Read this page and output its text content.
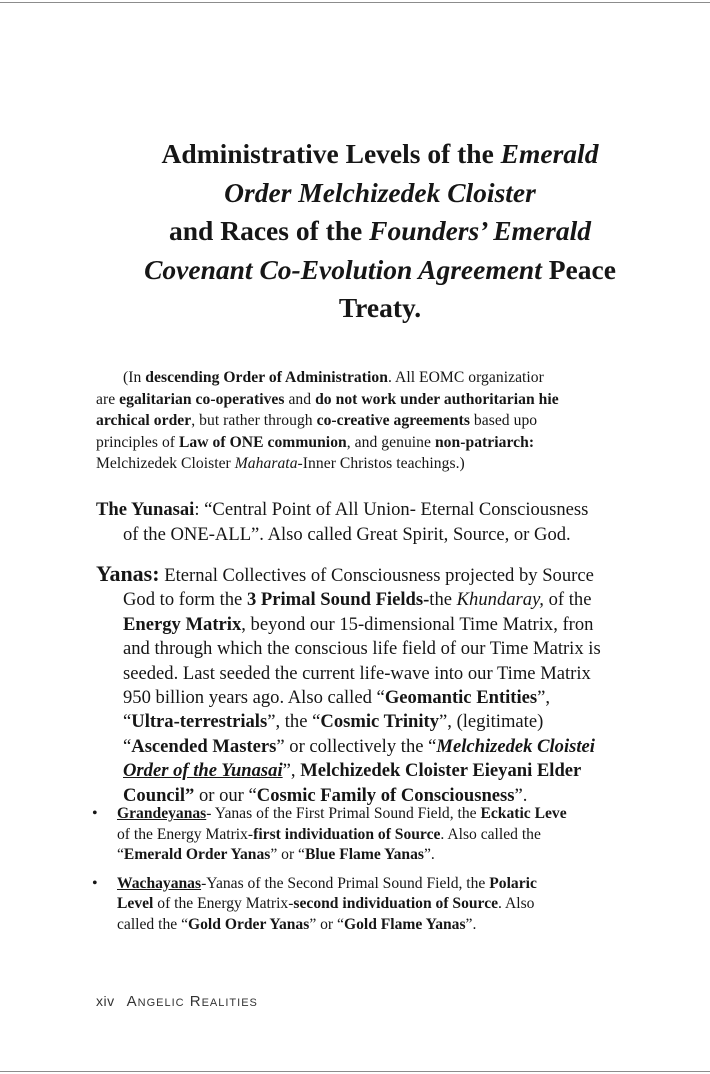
Administrative Levels of the Emerald
Order Melchizedek Cloister
and Races of the Founders’ Emerald
Covenant Co-Evolution Agreement Peace
Treaty.
(In descending Order of Administration. All EOMC organizatior
are egalitarian co-operatives and do not work under authoritarian hie
archical order, but rather through co-creative agreements based upo
principles of Law of ONE communion, and genuine non-patriarch:
Melchizedek Cloister Maharata-Inner Christos teachings.)
The Yunasai: “Central Point of All Union- Eternal Consciousness
of the ONE-ALL”. Also called Great Spirit, Source, or God.
Yanas: Eternal Collectives of Consciousness projected by Source
God to form the 3 Primal Sound Fields-the Khundaray, of the
Energy Matrix, beyond our 15-dimensional Time Matrix, fron
and through which the conscious life field of our Time Matrix is
seeded. Last seeded the current life-wave into our Time Matrix
950 billion years ago. Also called “Geomantic Entities”,
“Ultra-terrestrials”, the “Cosmic Trinity”, (legitimate)
“Ascended Masters” or collectively the “Melchizedek Cloistei
Order of the Yunasai”, Melchizedek Cloister Eieyani Elder
Council” or our “Cosmic Family of Consciousness”.
• Grandeyanas- Yanas of the First Primal Sound Field, the Eckatic Leve
of the Energy Matrix-first individuation of Source. Also called the
“Emerald Order Yanas” or “Blue Flame Yanas”.
• Wachayanas-Yanas of the Second Primal Sound Field, the Polaric
Level of the Energy Matrix-second individuation of Source. Also
called the “Gold Order Yanas” or “Gold Flame Yanas”.
xiv Angelic Realities
